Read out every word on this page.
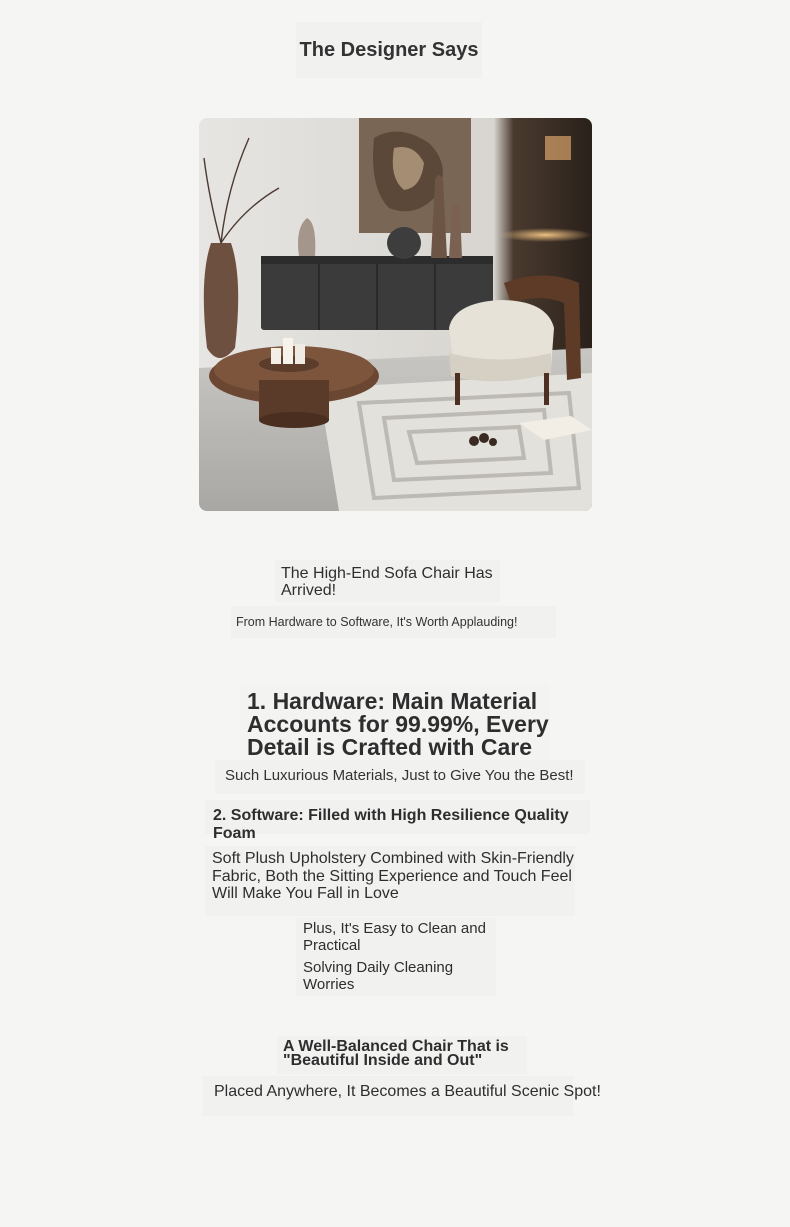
The Designer Says
The High-End Sofa Chair Has Arrived!

From Hardware to Software, It's Worth Applauding!

1. Hardware: Main Material Accounts for 99.99%, Every Detail is Crafted with Care

Such Luxurious Materials, Just to Give You the Best!

2. Software: Filled with High Resilience Quality Foam

Soft Plush Upholstery Combined with Skin-Friendly Fabric, Both the Sitting Experience and Touch Feel Will Make You Fall in Love

Plus, It's Easy to Clean and Practical

Solving Daily Cleaning Worries

A Well-Balanced Chair That is "Beautiful Inside and Out"

Placed Anywhere, It Becomes a Beautiful Scenic Spot!
